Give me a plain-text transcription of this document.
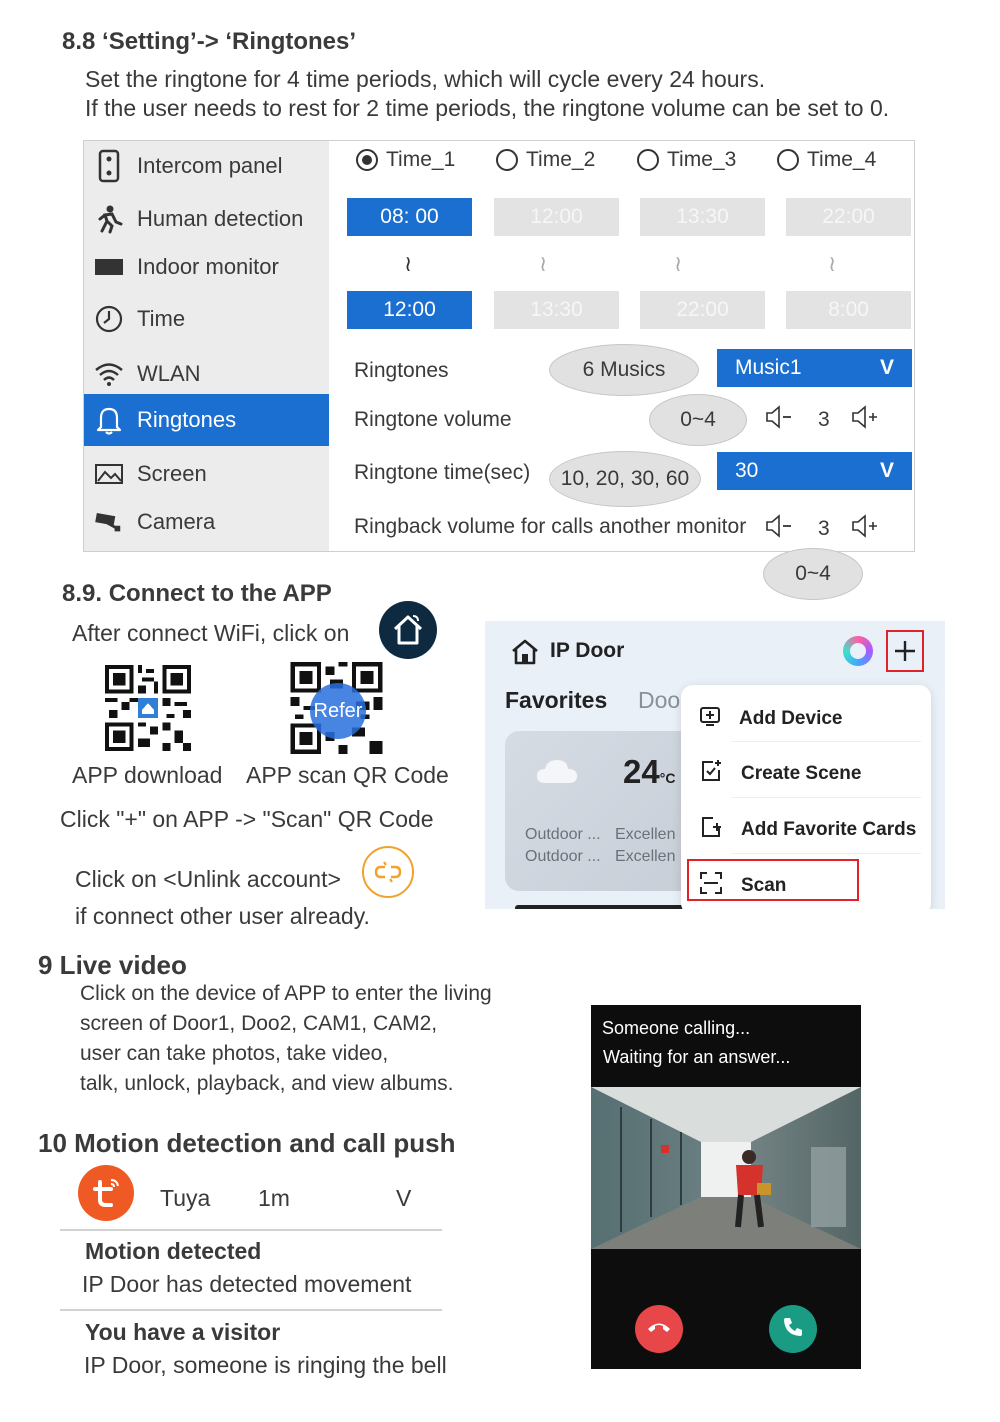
8.8 ‘Setting’-> ‘Ringtones’
Set the ringtone for 4 time periods, which will cycle every 24 hours.
If the user needs to rest for 2 time periods, the ringtone volume can be set to 0.
Intercom panel
Human detection
Indoor monitor
Time
WLAN
Ringtones
Screen
Camera
Time_1	Time_2	Time_3	Time_4
08: 00	12:00	13:30	22:00
≀	≀	≀	≀
12:00	13:30	22:00	8:00
Ringtones	6 Musics	Music1	V
Ringtone volume	0~4	3
Ringtone time(sec)	10, 20, 30, 60	30	V
Ringback volume for calls another monitor	3
0~4
8.9. Connect to the APP
After connect WiFi, click on
Refer
APP download APP scan QR Code
Click "+" on APP -> "Scan" QR Code
Click on <Unlink account>
if connect other user already.
IP Door
Favorites Doo
24°C
Outdoor ... Excellen
Outdoor ... Excellen
Add Device
Create Scene
Add Favorite Cards
Scan
9 Live video
Click on the device of APP to enter the living
screen of Door1, Doo2, CAM1, CAM2,
user can take photos, take video,
talk, unlock, playback, and view albums.
Someone calling...
Waiting for an answer...
10 Motion detection and call push
Tuya 1m	V
Motion detected
IP Door has detected movement
You have a visitor
IP Door, someone is ringing the bell
